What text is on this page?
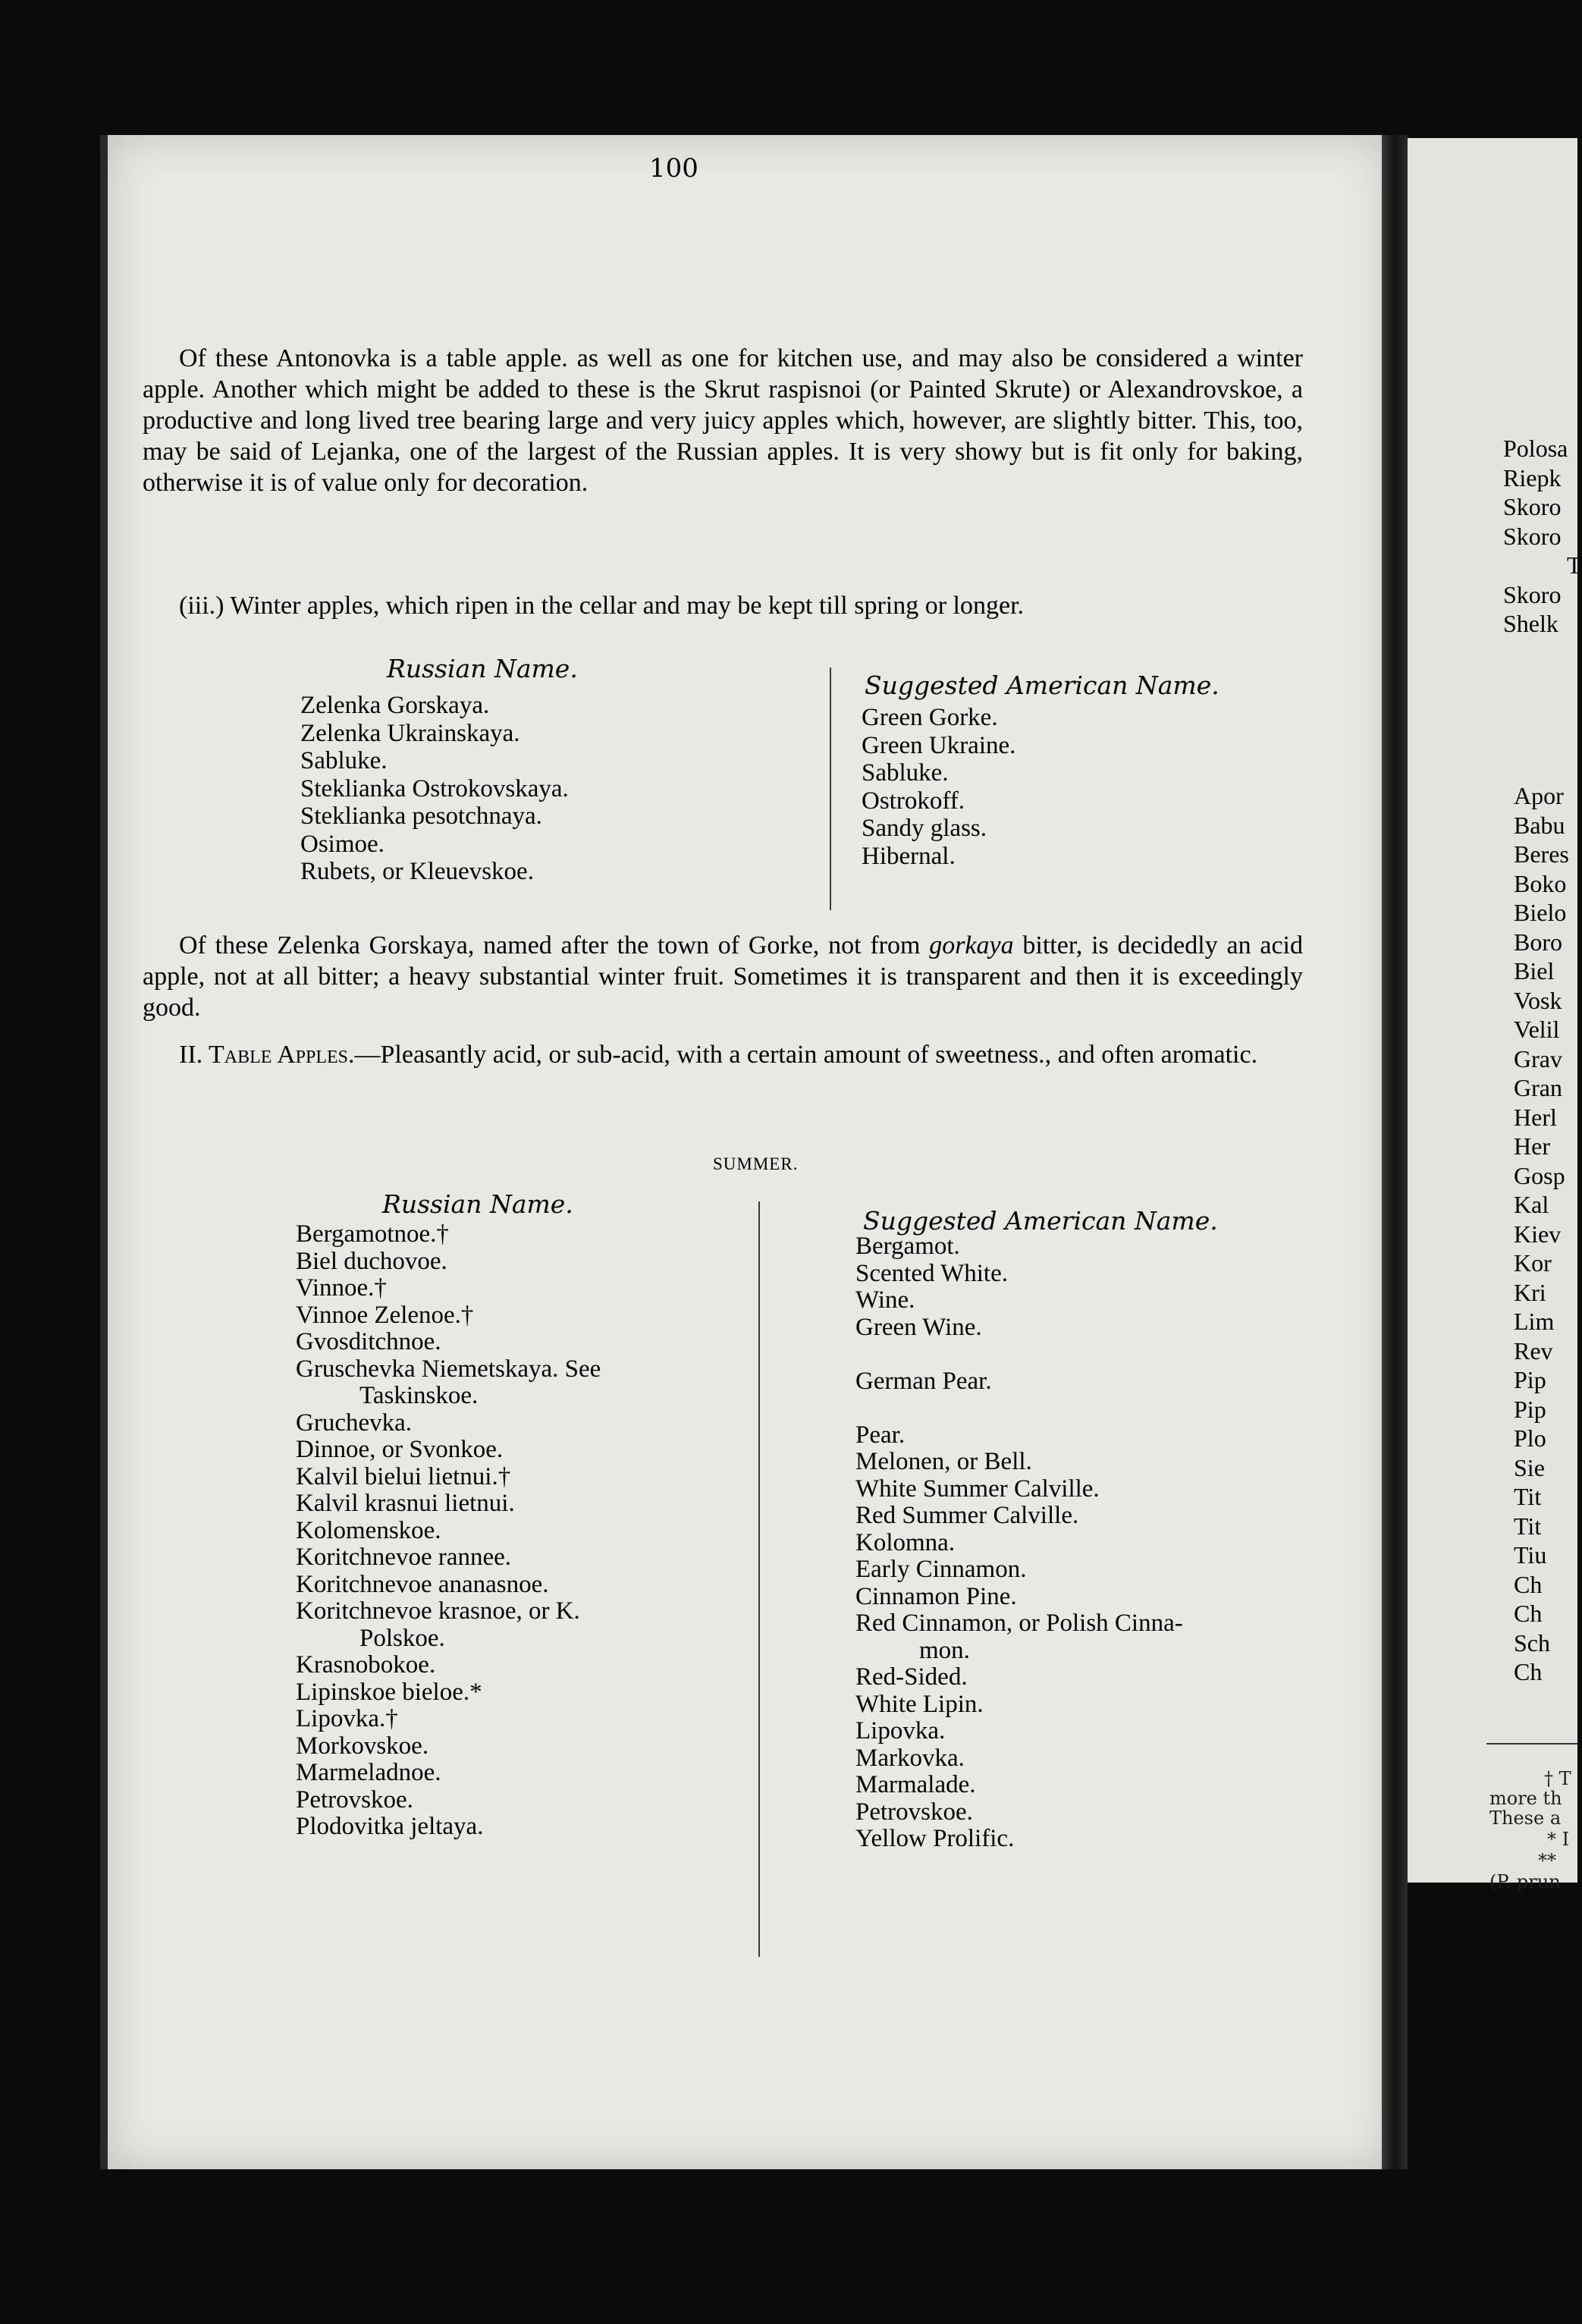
100
Of these Antonovka is a table apple. as well as one for kitchen use, and may also be considered a winter apple. Another which might be added to these is the Skrut raspisnoi (or Painted Skrute) or Alexandrovskoe, a productive and long lived tree bearing large and very juicy apples which, however, are slightly bitter. This, too, may be said of Lejanka, one of the largest of the Russian apples. It is very showy but is fit only for baking, otherwise it is of value only for decoration.
(iii.) Winter apples, which ripen in the cellar and may be kept till spring or longer.
Russian Name.
Suggested American Name.
Zelenka Gorskaya.
Zelenka Ukrainskaya.
Sabluke.
Steklianka Ostrokovskaya.
Steklianka pesotchnaya.
Osimoe.
Rubets, or Kleuevskoe.
Green Gorke.
Green Ukraine.
Sabluke.
Ostrokoff.
Sandy glass.
Hibernal.
Of these Zelenka Gorskaya, named after the town of Gorke, not from gorkaya bitter, is decidedly an acid apple, not at all bitter; a heavy substantial winter fruit. Sometimes it is transparent and then it is exceedingly good.
II. Table Apples.—Pleasantly acid, or sub-acid, with a certain amount of sweetness., and often aromatic.
SUMMER.
Russian Name.
Suggested American Name.
Bergamotnoe.†
Biel duchovoe.
Vinnoe.†
Vinnoe Zelenoe.†
Gvosditchnoe.
Gruschevka Niemetskaya. See
Taskinskoe.
Gruchevka.
Dinnoe, or Svonkoe.
Kalvil bielui lietnui.†
Kalvil krasnui lietnui.
Kolomenskoe.
Koritchnevoe rannee.
Koritchnevoe ananasnoe.
Koritchnevoe krasnoe, or K.
Polskoe.
Krasnobokoe.
Lipinskoe bieloe.*
Lipovka.†
Morkovskoe.
Marmeladnoe.
Petrovskoe.
Plodovitka jeltaya.
Bergamot.
Scented White.
Wine.
Green Wine.

German Pear.

Pear.
Melonen, or Bell.
White Summer Calville.
Red Summer Calville.
Kolomna.
Early Cinnamon.
Cinnamon Pine.
Red Cinnamon, or Polish Cinna-
mon.
Red-Sided.
White Lipin.
Lipovka.
Markovka.
Marmalade.
Petrovskoe.
Yellow Prolific.
Polosa
Riepk
Skoro
Skoro
T
Skoro
Shelk
Apor
Babu
Beres
Boko
Bielo
Boro
Biel
Vosk
Velil
Grav
Gran
Herl
Her
Gosp
Kal
Kiev
Kor
Kri
Lim
Rev
Pip
Pip
Plo
Sie
Tit
Tit
Tiu
Ch
Ch
Sch
Ch
† T
more th
These a
* I
**
(P. prun
